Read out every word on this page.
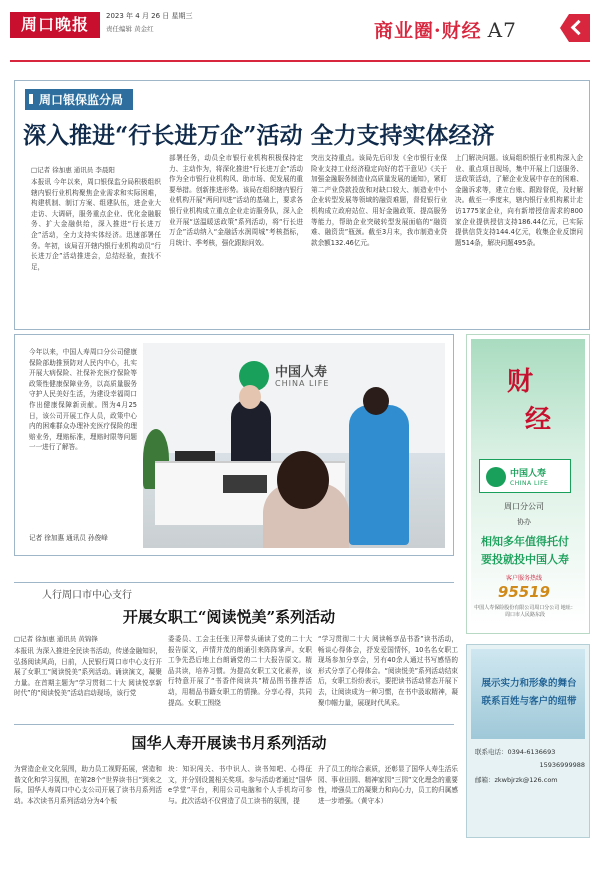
周口晚报	2023 年 4 月 26 日 星期三
责任编辑 黄金红	商业圈·财经 A7
周口银保监分局
深入推进“行长进万企”活动 全力支持实体经济
□记者 徐加惠 通讯员 李晨阳
本报讯 今年以来，周口银保监分局积极组织辖内银行业机构聚焦企业需求和实际困难，构建机制、制订方案、组建队伍，进企业大走访、大调研，服务重点企业、优化金融服务、扩大金融供给，深入推进“行长进万企”活动，全力支持实体经济。迅速部署任务。年初，该局召开辖内银行业机构动员“行长进万企”活动推进会，总结经验，查找不足，
部署任务，动员全市银行业机构积极保持定力、主动作为，将深化推进“行长进万企”活动作为全市银行业机构风、助市场、促发展的重要举措。创新推进形势。该局在组织辖内银行业机构开展“两问四进”活动的基础上，要求各银行业机构成立重点企业走访服务队，深入企业开展“送温暖送政策”系列活动，将“行长进万企”活动纳入“金融活水润周城”考核指标，月统计、季考核，强化跟踪问效。
突出支持重点。该局先后印发《全市银行业保险业支持工业经济稳定向好的若干意见》《关于加强金融服务制造业高质量发展的通知》，紧盯第二产业贷款投放和对缺口较大、制造业中小企业转型发展等领域的融资难题，督促银行业机构成立政府站位、用好金融政策、提高服务等能力，帮助企业突破转型发展面临的“融资难、融资贵”瓶颈。截至3月末，我市制造业贷款余额132.46亿元。
上门解决问题。该局组织银行业机构深入企业、重点项目现场，集中开展上门送服务、送政策活动，了解企业发展中存在的困难、金融诉求等，建立台账、跟踪督促，及时解决。截至一季度末，辖内银行业机构累计走访1775家企业，向有新增授信需求的800家企业提供授信支持186.44亿元，已实际提供信贷支持144.4亿元，收集企业反馈问题514条，解决问题495条。
今年以来，中国人寿周口分公司健康保险部助推预防对人民内中心，扎实开展大病保险、社保补充医疗保险等政策性健康保障业务，以高质量服务守护人民美好生活，为建设幸福周口作出健康保障新贡献。图为4月25日，该公司开展工作人员，政策中心内的困难群众办理补充医疗保险的理赔业务，理赔标准，理赔时限等问题一一进行了解答。
记者 徐加惠 通讯员 孙俊峰
中国人寿
CHINA LIFE	财
经
中国人寿
CHINA LIFE
周口分公司
协办
相知多年值得托付
要投就投中国人寿
客户服务热线
95519
中国人寿保险股份有限公司周口分公司 地址：周口市人民路东段
人行周口市中心支行
开展女职工“阅读悦美”系列活动
□记者 徐加惠 通讯员 黄锦锋
本报讯 为深入推进全民读书活动，传递金融知识，弘扬阅读风尚，日前，人民银行周口市中心支行开展了女职工“阅读悦美”系列活动。诵读演文，凝聚力量。在首期主题为“学习贯彻二十大 阅读悦享新时代”的“阅读悦美”活动启动现场，该行党
委委员、工会主任张卫萍带头诵读了党的二十大报告原文，声情并茂的朗诵引来阵阵掌声。女职工争先恐后地上台朗诵党的二十大报告原文。精品共读，培养习惯。为提高女职工文化素养，该行特意开展了“书香伴阅读共”精品图书推荐活动，用精品书籍女职工的情操。分享心得，共同提高。女职工围绕
“学习贯彻二十大 阅读畅享品书香”读书活动，畅谈心得体会，抒发爱国情怀，10名名女职工现场参加分享会，另有40余人通过书写感悟的形式分享了心得体会。“阅读悦美”系列活动结束后，女职工纷纷表示，要把读书活动常态开展下去，让阅读成为一种习惯，在书中汲取精神，凝聚巾帼力量，展现时代风采。
展示实力和形象的舞台
联系百姓与客户的纽带
联系电话：0394-6136693
15936999988
邮箱：zkwbjrzk@126.com
国华人寿开展读书月系列活动
为营造企业文化氛围，助力员工视野拓展，营造和谐文化和学习氛围，在第28个“世界读书日”到来之际，国华人寿周口中心支公司开展了读书月系列活动。本次读书月系列活动分为4个板
块：知识闯关、书中识人、读书知吧、心得征文，并分别设置相关奖项。参与活动者通过“国华e学堂”平台，利用公司电脑和个人手机均可参与。此次活动不仅营造了员工读书的氛围，提
升了员工的综合素质，还彰显了国华人寿生活乐园、事业田园、精神家园“三园”文化理念的重要性，增强员工的凝聚力和向心力，员工的归属感进一步增强。（黄守本）
